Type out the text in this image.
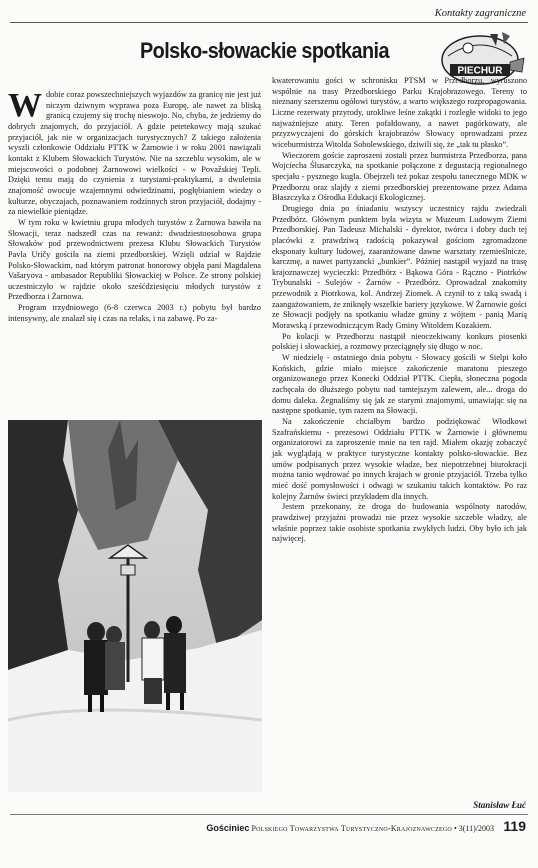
Kontakty zagraniczne
Polsko-słowackie spotkania
PIECHUR

Wdobie coraz powszechniejszych wyjazdów za granicę nie jest już niczym dziwnym wyprawa poza Europę, ale nawet za bliską granicą czujemy się trochę nieswojo. No, chyba, że jedziemy do dobrych znajomych, do przyjaciół. A gdzie petetekowcy mają szukać przyjaciół, jak nie w organizacjach turystycznych? Z takiego założenia wyszli członkowie Oddziału PTTK w Żarnowie i w roku 2001 nawiązali kontakt z Klubem Słowackich Turystów. Nie na szczeblu wysokim, ale w miejscowości o podobnej Żarnowowi wielkości - w Považskiej Tepli. Dzięki temu mają do czynienia z turystami-praktykami, a dwuletnia znajomość owocuje wzajemnymi odwiedzinami, pogłębianiem wiedzy o kulturze, obyczajach, poznawaniem rodzinnych stron przyjaciół, dodajmy - za niewielkie pieniądze.

W tym roku w kwietniu grupa młodych turystów z Żarnowa bawiła na Słowacji, teraz nadszedł czas na rewanż: dwudziestoosobowa grupa Słowaków pod przewodnictwem prezesa Klubu Słowackich Turystów Pavla Uričy gościła na ziemi przedborskiej. Wzięli udział w Rajdzie Polsko-Słowackim, nad którym patronat honorowy objęła pani Magdalena Vašaryova - ambasador Republiki Słowackiej w Polsce. Ze strony polskiej uczestniczyło w rajdzie około sześćdziesięciu młodych turystów z Przedborza i Żarnowa.

Program trzydniowego (6-8 czerwca 2003 r.) pobytu był bardzo intensywny, ale znalazł się i czas na relaks, i na zabawę. Po za-

kwaterowaniu gości w schronisku PTSM w Przedborzu, wyruszono wspólnie na trasy Przedborskiego Parku Krajobrazowego. Tereny to nieznany szerszemu ogółowi turystów, a warto większego rozpropagowania. Liczne rezerwaty przyrody, urokliwe leśne zakątki i rozległe widoki to jego najważniejsze atuty. Teren pofałdowany, a nawet pagórkowaty, ale przyzwyczajeni do górskich krajobrazów Słowacy oprowadzani przez wiceburmistrza Witolda Sobolewskiego, dziwili się, że „tak tu płasko”.

Wieczorem goście zaproszeni zostali przez burmistrza Przedborza, pana Wojciecha Ślusarczyka, na spotkanie połączone z degustacją regionalnego specjału - pysznego kugla. Obejrzeli też pokaz zespołu tanecznego MDK w Przedborzu oraz slajdy z ziemi przedborskiej prezentowane przez Adama Błaszczyka z Ośrodka Edukacji Ekologicznej.

Drugiego dnia po śniadaniu wszyscy uczestnicy rajdu zwiedzali Przedbórz. Głównym punktem była wizyta w Muzeum Ludowym Ziemi Przedborskiej. Pan Tadeusz Michalski - dyrektor, twórca i dobry duch tej placówki z prawdziwą radością pokazywał gościom zgromadzone eksponaty kultury ludowej, zaaranżowane dawne warsztaty rzemieślnicze, karczmę, a nawet partyzancki „bunkier”. Później nastąpił wyjazd na trasę krajoznawczej wycieczki: Przedbórz - Bąkowa Góra - Rączno - Piotrków Trybunalski - Sulejów - Żarnów - Przedbórz. Oprowadzał znakomity przewodnik z Piotrkowa, kol. Andrzej Ziomek. A czynił to z taką swadą i zaangażowaniem, że zniknęły wszelkie bariery językowe. W Żarnowie gości ze Słowacji podjęły na spotkaniu władze gminy z wójtem - panią Marią Morawską i przewodniczącym Rady Gminy Witoldem Kozakiem.

Po kolacji w Przedborzu nastąpił nieoczekiwany konkurs piosenki polskiej i słowackiej, a rozmowy przeciągnęły się długo w noc.

W niedzielę - ostatniego dnia pobytu - Słowacy gościli w Sielpi koło Końskich, gdzie miało miejsce zakończenie maratonu pieszego organizowanego przez Konecki Oddział PTTK. Ciepła, słoneczna pogoda zachęcała do dłuższego pobytu nad tamtejszym zalewem, ale... droga do domu daleka. Żegnaliśmy się jak ze starymi znajomymi, umawiając się na następne spotkanie, tym razem na Słowacji.

Na zakończenie chciałbym bardzo podziękować Włodkowi Szafrańskiemu - prezesowi Oddziału PTTK w Żarnowie i głównemu organizatorowi za zaproszenie mnie na ten rajd. Miałem okazję zobaczyć jak wyglądają w praktyce turystyczne kontakty polsko-słowackie. Bez umów podpisanych przez wysokie władze, bez niepotrzebnej biurokracji można tanio wędrować po innych krajach w gronie przyjaciół. Trzeba tylko mieć dość pomysłowości i odwagi w szukaniu takich kontaktów. Po raz kolejny Żarnów świeci przykładem dla innych.

Jestem przekonany, że droga do budowania wspólnoty narodów, prawdziwej przyjaźni prowadzi nie przez wysokie szczeble władzy, ale właśnie poprzez takie osobiste spotkania zwykłych ludzi. Oby było ich jak najwięcej.

Stanisław Łuć
Gościniec Polskiego Towarzystwa Turystyczno-Krajoznawczego • 3(11)/2003 119
